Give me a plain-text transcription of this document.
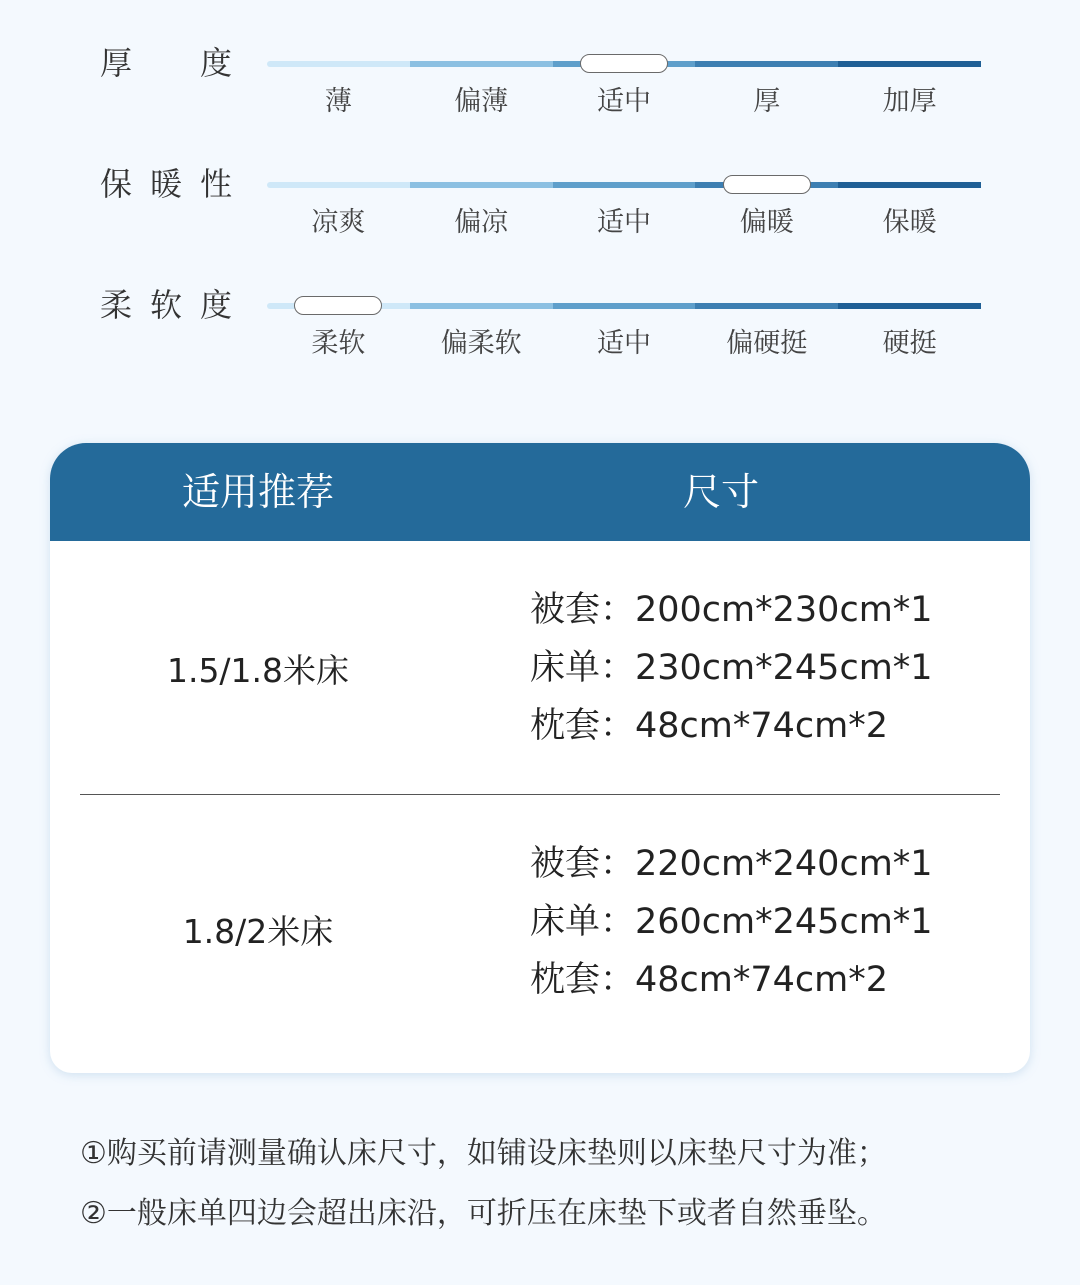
厚 度
薄	偏薄	适中	厚	加厚
保 暖 性
凉爽	偏凉	适中	偏暖	保暖
柔 软 度
柔软	偏柔软	适中	偏硬挺	硬挺
适用推荐	尺寸
1.5/1.8米床
被套：200cm*230cm*1
床单：230cm*245cm*1
枕套：48cm*74cm*2
1.8/2米床
被套：220cm*240cm*1
床单：260cm*245cm*1
枕套：48cm*74cm*2
①购买前请测量确认床尺寸，如铺设床垫则以床垫尺寸为准；
②一般床单四边会超出床沿，可折压在床垫下或者自然垂坠。
